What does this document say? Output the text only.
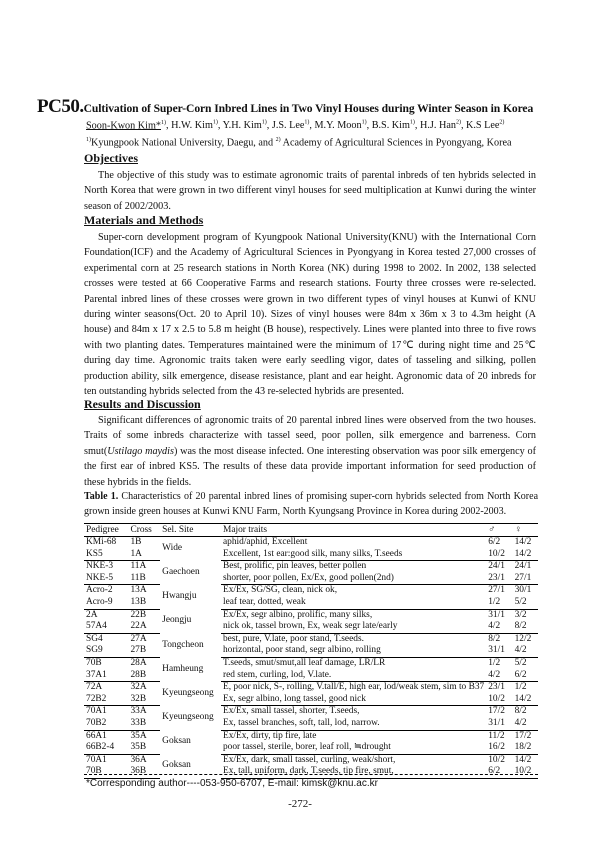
PC50.Cultivation of Super-Corn Inbred Lines in Two Vinyl Houses during Winter Season in Korea
Soon-Kwon Kim*$^{1)}$, H.W. Kim$^{1)}$, Y.H. Kim$^{1)}$, J.S. Lee$^{1)}$, M.Y. Moon$^{1)}$, B.S. Kim$^{1)}$, H.J. Han$^{2)}$, K.S Lee$^{2)}$
$^{1)}$Kyungpook National University, Daegu, and $^{2)}$ Academy of Agricultural Sciences in Pyongyang, Korea
Objectives

The objective of this study was to estimate agronomic traits of parental inbreds of ten hybrids selected in North Korea that were grown in two different vinyl houses for seed multiplication at Kunwi during the winter season of 2002/2003.

Materials and Methods

Super-corn development program of Kyungpook National University(KNU) with the International Corn Foundation(ICF) and the Academy of Agricultural Sciences in Pyongyang in Korea tested 27,000 crosses of experimental corn at 25 research stations in North Korea (NK) during 1998 to 2002. In 2002, 138 selected crosses were tested at 66 Cooperative Farms and research stations. Fourty three crosses were re-selected. Parental inbred lines of these crosses were grown in two different types of vinyl houses at Kunwi of KNU during winter seasons(Oct. 20 to April 10). Sizes of vinyl houses were 84m x 36m x 3 to 4.3m height (A house) and 84m x 17 x 2.5 to 5.8 m height (B house), respectively. Lines were planted into three to five rows with two planting dates. Temperatures maintained were the minimum of 17℃ during night time and 25℃ during day time. Agronomic traits taken were early seedling vigor, dates of tasseling and silking, pollen production ability, silk emergence, disease resistance, plant and ear height. Agronomic data of 20 inbreds for ten outstanding hybrids selected from the 43 re-selected hybrids are presented.

Results and Discussion

Significant differences of agronomic traits of 20 parental inbred lines were observed from the two houses. Traits of some inbreds characterize with tassel seed, poor pollen, silk emergence and barreness. Corn smut(Ustilago maydis) was the most disease infected. One interesting observation was poor silk emergency of the first ear of inbred KS5. The results of these data provide important information for seed production of these hybrids in the fields.

Table 1. Characteristics of 20 parental inbred lines of promising super-corn hybrids selected from North Korea grown inside green houses at Kunwi KNU Farm, North Kyungsang Province in Korea during 2002-2003.
Pedigree	Cross	Sel. Site	Major traits	♂	♀
KMi-68	1B	Wide	aphid/aphid, Excellent	6/2	14/2
KS5	1A		Excellent, 1st ear:good silk, many silks, T.seeds	10/2	14/2
NKE-3	11A	Gaechoen	Best, prolific, pin leaves, better pollen	24/1	24/1
NKE-5	11B		shorter, poor pollen, Ex/Ex, good pollen(2nd)	23/1	27/1
Acro-2	13A	Hwangju	Ex/Ex, SG/SG, clean, nick ok,	27/1	30/1
Acro-9	13B		leaf tear, dotted, weak	1/2	5/2
2A	22B	Jeongju	Ex/Ex, segr albino, prolific, many silks,	31/1	3/2
57A4	22A		nick ok, tassel brown, Ex, weak segr late/early	4/2	8/2
SG4	27A	Tongcheon	best, pure, V.late, poor stand, T.seeds.	8/2	12/2
SG9	27B		horizontal, poor stand, segr albino, rolling	31/1	4/2
70B	28A	Hamheung	T.seeds, smut/smut,all leaf damage, LR/LR	1/2	5/2
37A1	28B		red stem, curling, lod, V.late.	4/2	6/2
72A	32A	Kyeungseong	E, poor nick, S-, rolling, V.tall/E, high ear, lod/weak stem, sim to B37	23/1	1/2
72B2	32B		Ex, segr albino, long tassel, good nick	10/2	14/2
70A1	33A	Kyeungseong	Ex/Ex, small tassel, shorter, T.seeds,	17/2	8/2
70B2	33B		Ex, tassel branches, soft, tall, lod, narrow.	31/1	4/2
66A1	35A	Goksan	Ex/Ex, dirty, tip fire, late	11/2	17/2
66B2-4	35B		poor tassel, sterile, borer, leaf roll, ≒drought	16/2	18/2
70A1	36A	Goksan	Ex/Ex, dark, small tassel, curling, weak/short,	10/2	14/2
70B	36B		Ex, tall, uniform, dark, T.seeds, tip fire, smut,	6/2	10/2
*Corresponding author----053-950-6707, E-mail: kimsk@knu.ac.kr
-272-
